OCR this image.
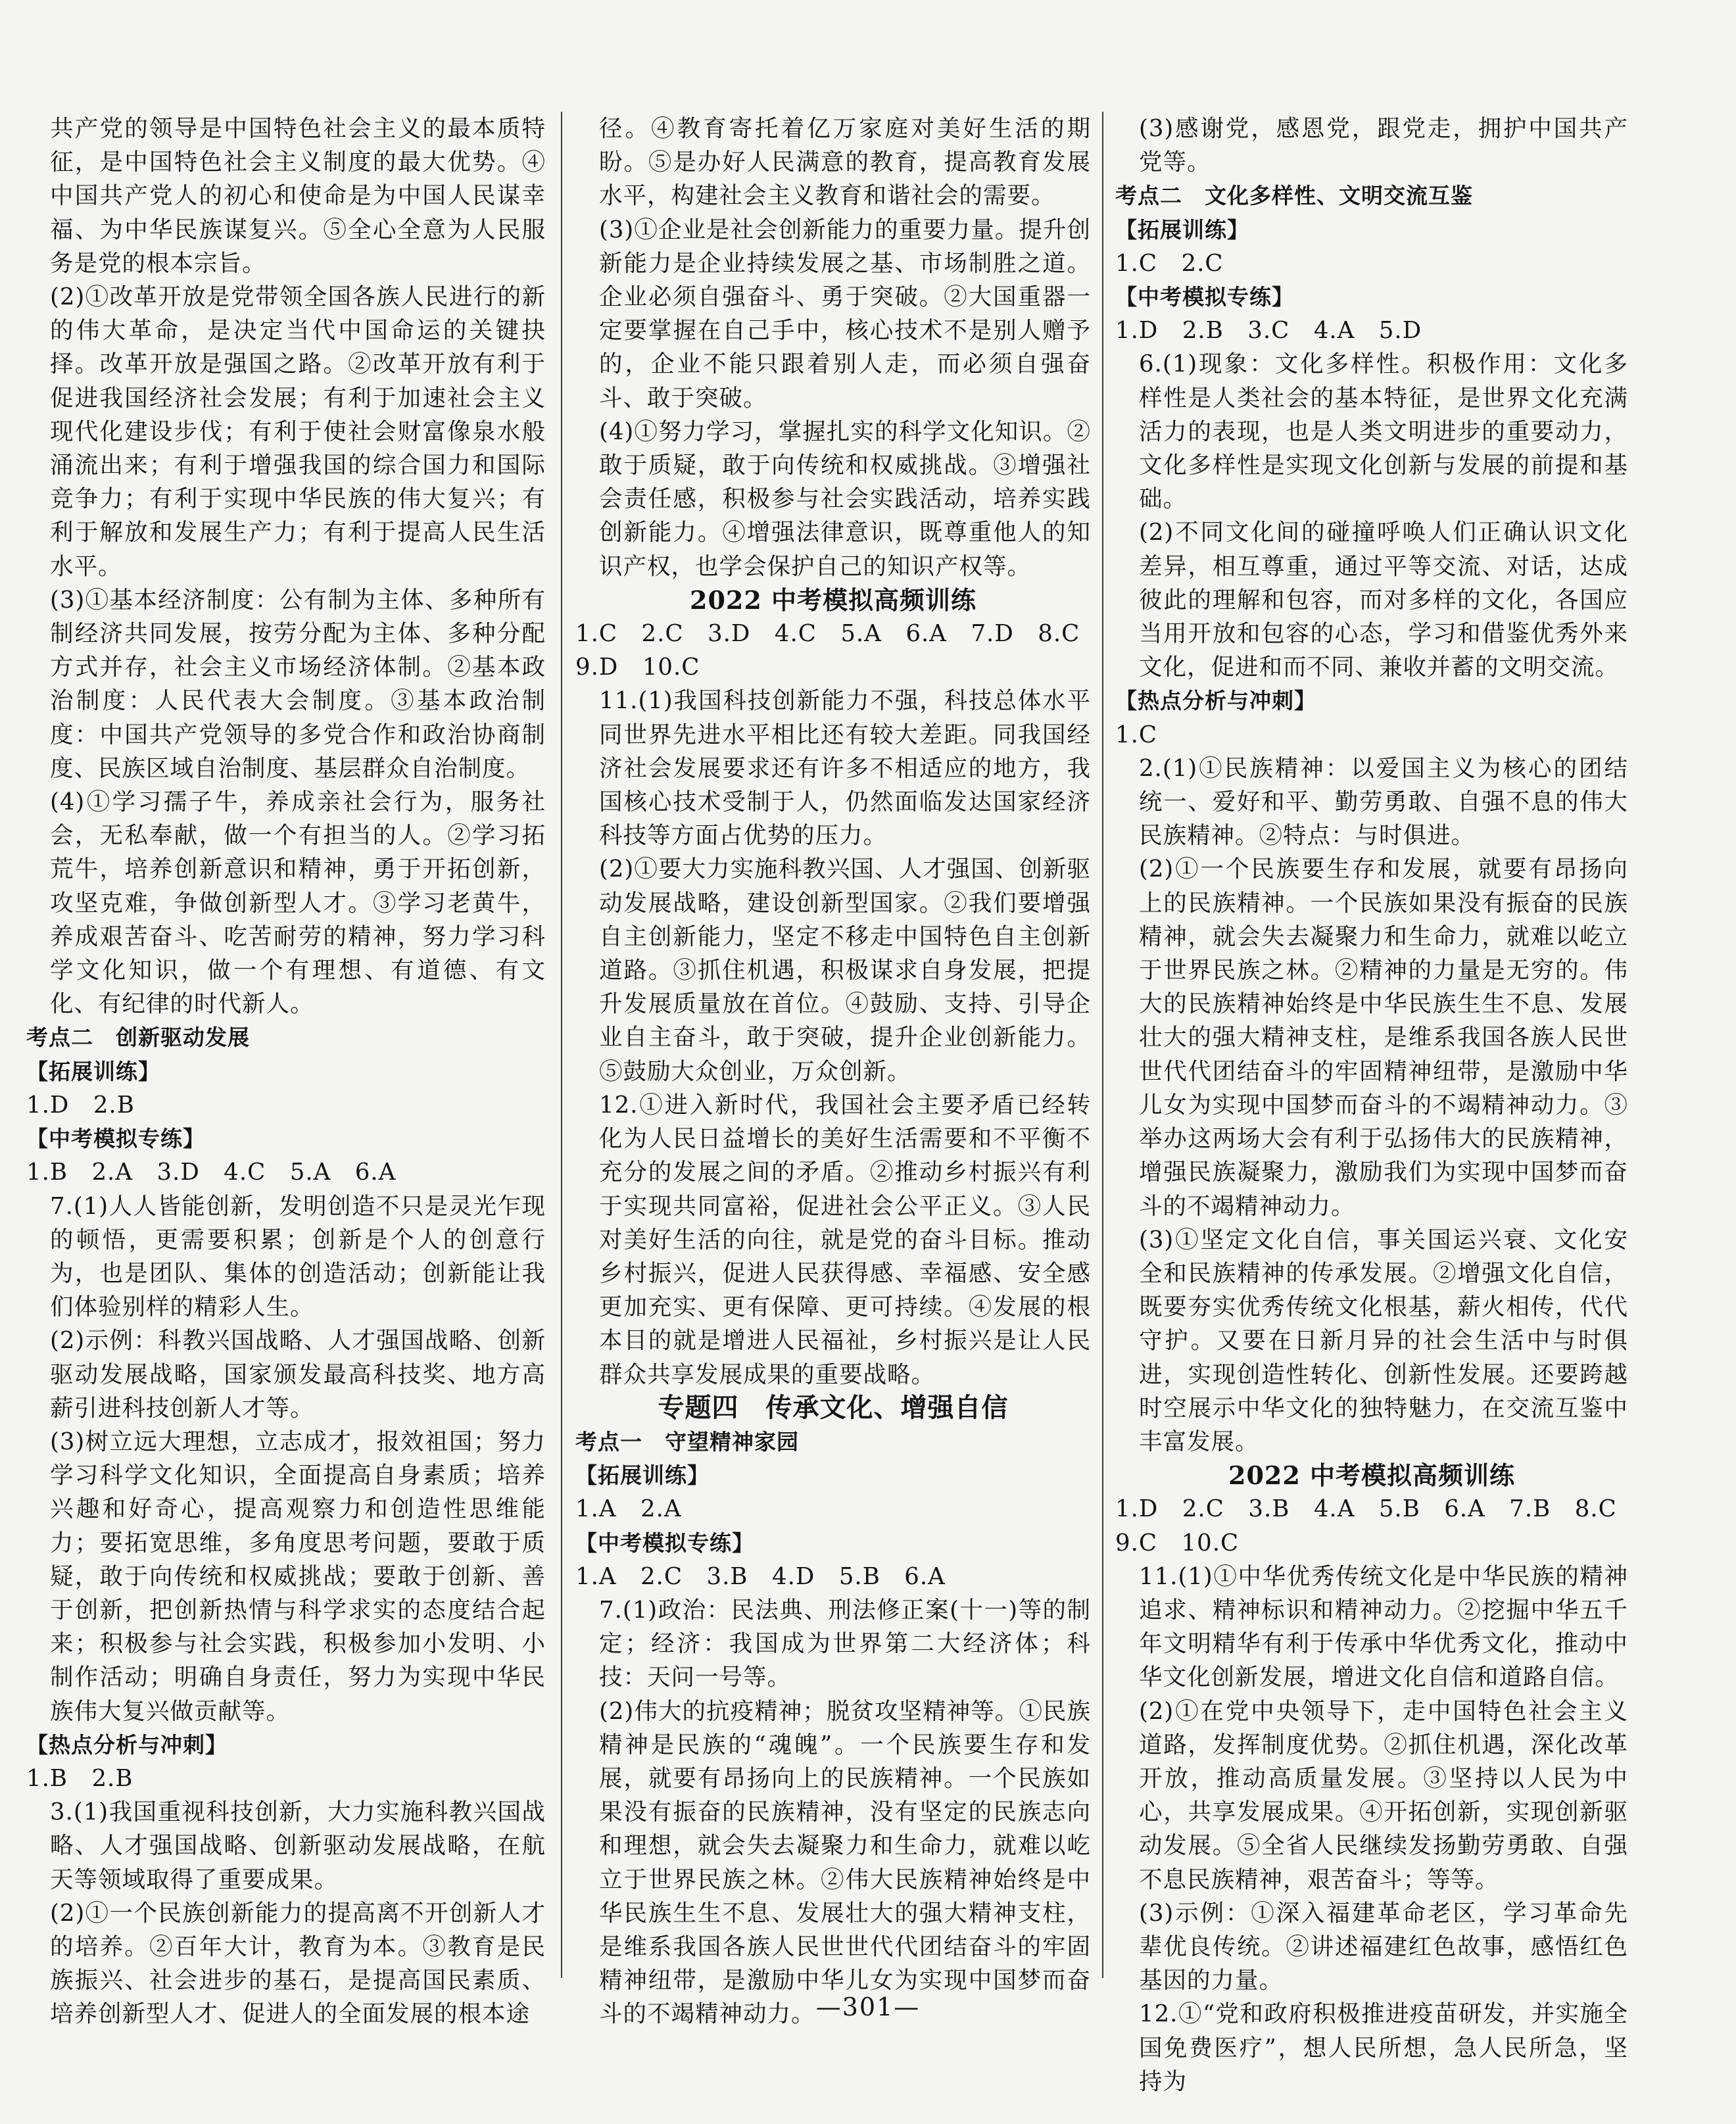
共产党的领导是中国特色社会主义的最本质特征，是中国特色社会主义制度的最大优势。④中国共产党人的初心和使命是为中国人民谋幸福、为中华民族谋复兴。⑤全心全意为人民服务是党的根本宗旨。
(2)①改革开放是党带领全国各族人民进行的新的伟大革命，是决定当代中国命运的关键抉择。改革开放是强国之路。②改革开放有利于促进我国经济社会发展；有利于加速社会主义现代化建设步伐；有利于使社会财富像泉水般涌流出来；有利于增强我国的综合国力和国际竞争力；有利于实现中华民族的伟大复兴；有利于解放和发展生产力；有利于提高人民生活水平。
(3)①基本经济制度：公有制为主体、多种所有制经济共同发展，按劳分配为主体、多种分配方式并存，社会主义市场经济体制。②基本政治制度：人民代表大会制度。③基本政治制度：中国共产党领导的多党合作和政治协商制度、民族区域自治制度、基层群众自治制度。
(4)①学习孺子牛，养成亲社会行为，服务社会，无私奉献，做一个有担当的人。②学习拓荒牛，培养创新意识和精神，勇于开拓创新，攻坚克难，争做创新型人才。③学习老黄牛，养成艰苦奋斗、吃苦耐劳的精神，努力学习科学文化知识，做一个有理想、有道德、有文化、有纪律的时代新人。
考点二　创新驱动发展
【拓展训练】
1.D　2.B
【中考模拟专练】
1.B　2.A　3.D　4.C　5.A　6.A
7.(1)人人皆能创新，发明创造不只是灵光乍现的顿悟，更需要积累；创新是个人的创意行为，也是团队、集体的创造活动；创新能让我们体验别样的精彩人生。
(2)示例：科教兴国战略、人才强国战略、创新驱动发展战略，国家颁发最高科技奖、地方高薪引进科技创新人才等。
(3)树立远大理想，立志成才，报效祖国；努力学习科学文化知识，全面提高自身素质；培养兴趣和好奇心，提高观察力和创造性思维能力；要拓宽思维，多角度思考问题，要敢于质疑，敢于向传统和权威挑战；要敢于创新、善于创新，把创新热情与科学求实的态度结合起来；积极参与社会实践，积极参加小发明、小制作活动；明确自身责任，努力为实现中华民族伟大复兴做贡献等。
【热点分析与冲刺】
1.B　2.B
3.(1)我国重视科技创新，大力实施科教兴国战略、人才强国战略、创新驱动发展战略，在航天等领域取得了重要成果。
(2)①一个民族创新能力的提高离不开创新人才的培养。②百年大计，教育为本。③教育是民族振兴、社会进步的基石，是提高国民素质、培养创新型人才、促进人的全面发展的根本途
径。④教育寄托着亿万家庭对美好生活的期盼。⑤是办好人民满意的教育，提高教育发展水平，构建社会主义教育和谐社会的需要。
(3)①企业是社会创新能力的重要力量。提升创新能力是企业持续发展之基、市场制胜之道。企业必须自强奋斗、勇于突破。②大国重器一定要掌握在自己手中，核心技术不是别人赠予的，企业不能只跟着别人走，而必须自强奋斗、敢于突破。
(4)①努力学习，掌握扎实的科学文化知识。②敢于质疑，敢于向传统和权威挑战。③增强社会责任感，积极参与社会实践活动，培养实践创新能力。④增强法律意识，既尊重他人的知识产权，也学会保护自己的知识产权等。
2022 中考模拟高频训练
1.C　2.C　3.D　4.C　5.A　6.A　7.D　8.C
9.D　10.C
11.(1)我国科技创新能力不强，科技总体水平同世界先进水平相比还有较大差距。同我国经济社会发展要求还有许多不相适应的地方，我国核心技术受制于人，仍然面临发达国家经济科技等方面占优势的压力。
(2)①要大力实施科教兴国、人才强国、创新驱动发展战略，建设创新型国家。②我们要增强自主创新能力，坚定不移走中国特色自主创新道路。③抓住机遇，积极谋求自身发展，把提升发展质量放在首位。④鼓励、支持、引导企业自主奋斗，敢于突破，提升企业创新能力。⑤鼓励大众创业，万众创新。
12.①进入新时代，我国社会主要矛盾已经转化为人民日益增长的美好生活需要和不平衡不充分的发展之间的矛盾。②推动乡村振兴有利于实现共同富裕，促进社会公平正义。③人民对美好生活的向往，就是党的奋斗目标。推动乡村振兴，促进人民获得感、幸福感、安全感更加充实、更有保障、更可持续。④发展的根本目的就是增进人民福祉，乡村振兴是让人民群众共享发展成果的重要战略。
专题四　传承文化、增强自信
考点一　守望精神家园
【拓展训练】
1.A　2.A
【中考模拟专练】
1.A　2.C　3.B　4.D　5.B　6.A
7.(1)政治：民法典、刑法修正案(十一)等的制定；经济：我国成为世界第二大经济体；科技：天问一号等。
(2)伟大的抗疫精神；脱贫攻坚精神等。①民族精神是民族的“魂魄”。一个民族要生存和发展，就要有昂扬向上的民族精神。一个民族如果没有振奋的民族精神，没有坚定的民族志向和理想，就会失去凝聚力和生命力，就难以屹立于世界民族之林。②伟大民族精神始终是中华民族生生不息、发展壮大的强大精神支柱，是维系我国各族人民世世代代团结奋斗的牢固精神纽带，是激励中华儿女为实现中国梦而奋斗的不竭精神动力。
(3)感谢党，感恩党，跟党走，拥护中国共产党等。
考点二　文化多样性、文明交流互鉴
【拓展训练】
1.C　2.C
【中考模拟专练】
1.D　2.B　3.C　4.A　5.D
6.(1)现象：文化多样性。积极作用：文化多样性是人类社会的基本特征，是世界文化充满活力的表现，也是人类文明进步的重要动力，文化多样性是实现文化创新与发展的前提和基础。
(2)不同文化间的碰撞呼唤人们正确认识文化差异，相互尊重，通过平等交流、对话，达成彼此的理解和包容，而对多样的文化，各国应当用开放和包容的心态，学习和借鉴优秀外来文化，促进和而不同、兼收并蓄的文明交流。
【热点分析与冲刺】
1.C
2.(1)①民族精神：以爱国主义为核心的团结统一、爱好和平、勤劳勇敢、自强不息的伟大民族精神。②特点：与时俱进。
(2)①一个民族要生存和发展，就要有昂扬向上的民族精神。一个民族如果没有振奋的民族精神，就会失去凝聚力和生命力，就难以屹立于世界民族之林。②精神的力量是无穷的。伟大的民族精神始终是中华民族生生不息、发展壮大的强大精神支柱，是维系我国各族人民世世代代团结奋斗的牢固精神纽带，是激励中华儿女为实现中国梦而奋斗的不竭精神动力。③举办这两场大会有利于弘扬伟大的民族精神，增强民族凝聚力，激励我们为实现中国梦而奋斗的不竭精神动力。
(3)①坚定文化自信，事关国运兴衰、文化安全和民族精神的传承发展。②增强文化自信，既要夯实优秀传统文化根基，薪火相传，代代守护。又要在日新月异的社会生活中与时俱进，实现创造性转化、创新性发展。还要跨越时空展示中华文化的独特魅力，在交流互鉴中丰富发展。
2022 中考模拟高频训练
1.D　2.C　3.B　4.A　5.B　6.A　7.B　8.C
9.C　10.C
11.(1)①中华优秀传统文化是中华民族的精神追求、精神标识和精神动力。②挖掘中华五千年文明精华有利于传承中华优秀文化，推动中华文化创新发展，增进文化自信和道路自信。
(2)①在党中央领导下，走中国特色社会主义道路，发挥制度优势。②抓住机遇，深化改革开放，推动高质量发展。③坚持以人民为中心，共享发展成果。④开拓创新，实现创新驱动发展。⑤全省人民继续发扬勤劳勇敢、自强不息民族精神，艰苦奋斗；等等。
(3)示例：①深入福建革命老区，学习革命先辈优良传统。②讲述福建红色故事，感悟红色基因的力量。
12.①“党和政府积极推进疫苗研发，并实施全国免费医疗”，想人民所想，急人民所急，坚持为
—301—
